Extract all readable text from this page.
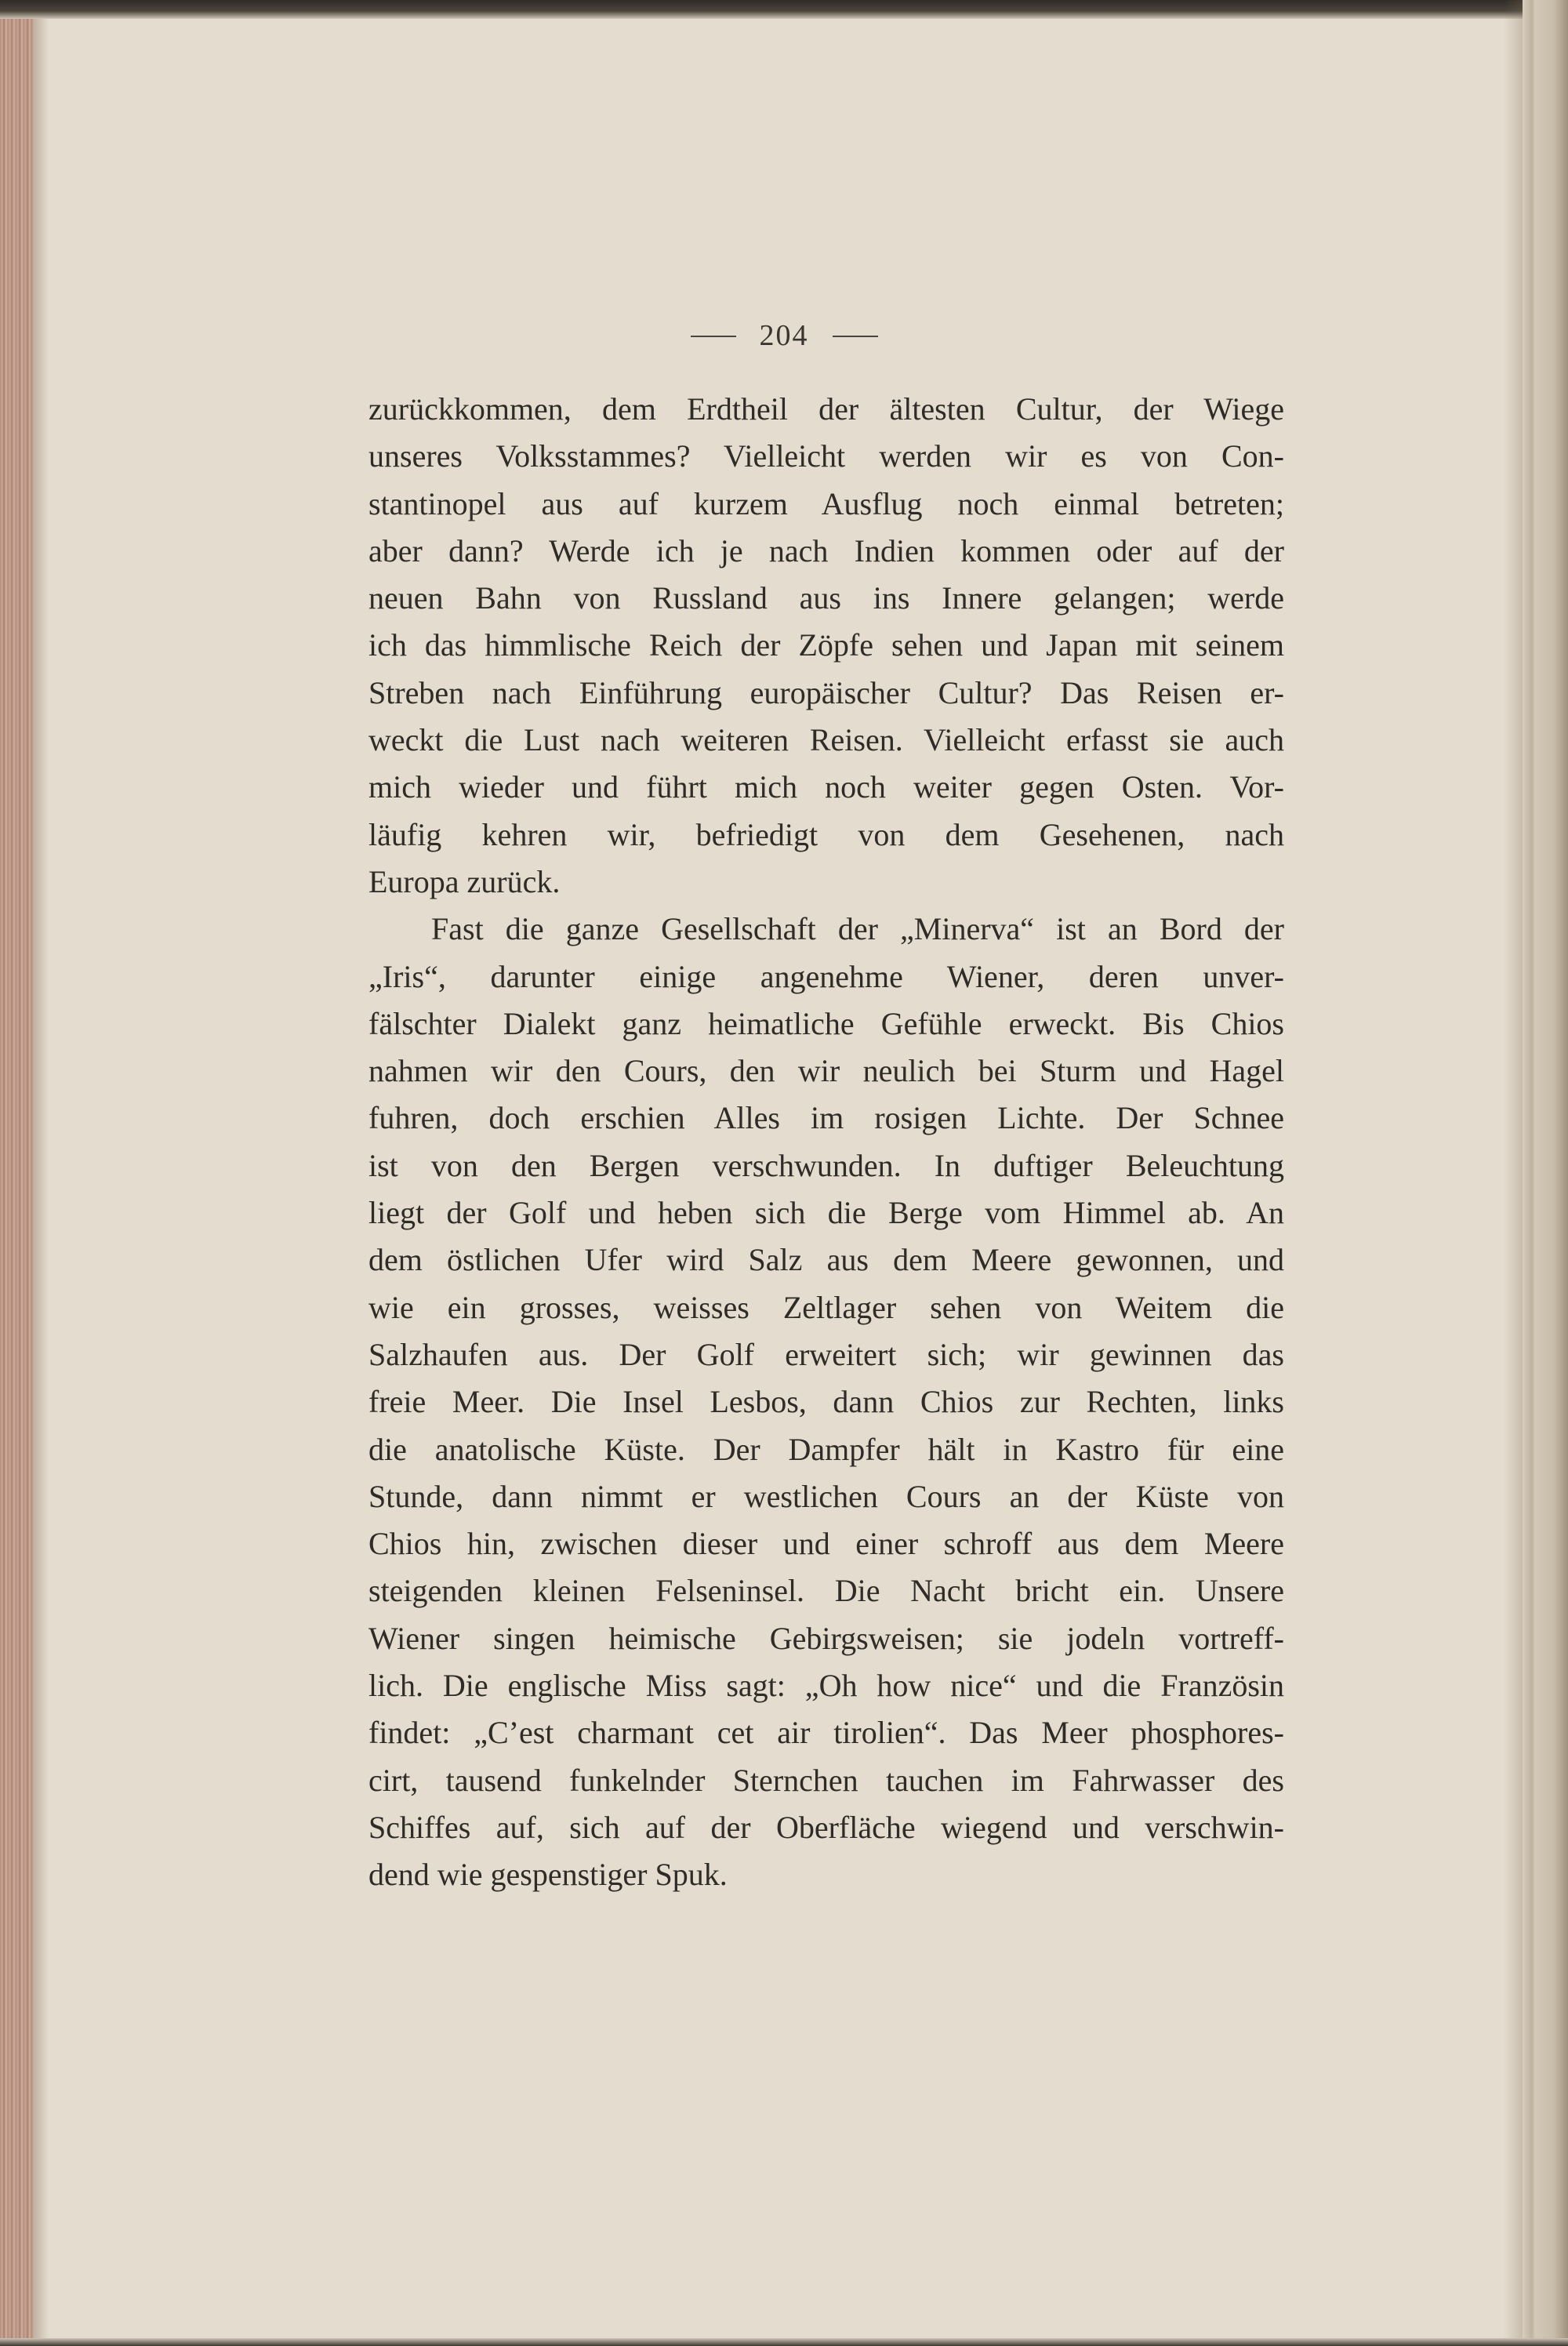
204
zurückkommen, dem Erdtheil der ältesten Cultur, der Wiege
unseres Volksstammes? Vielleicht werden wir es von Con-
stantinopel aus auf kurzem Ausflug noch einmal betreten;
aber dann? Werde ich je nach Indien kommen oder auf der
neuen Bahn von Russland aus ins Innere gelangen; werde
ich das himmlische Reich der Zöpfe sehen und Japan mit seinem
Streben nach Einführung europäischer Cultur? Das Reisen er-
weckt die Lust nach weiteren Reisen. Vielleicht erfasst sie auch
mich wieder und führt mich noch weiter gegen Osten. Vor-
läufig kehren wir, befriedigt von dem Gesehenen, nach
Europa zurück.
Fast die ganze Gesellschaft der „Minerva“ ist an Bord der
„Iris“, darunter einige angenehme Wiener, deren unver-
fälschter Dialekt ganz heimatliche Gefühle erweckt. Bis Chios
nahmen wir den Cours, den wir neulich bei Sturm und Hagel
fuhren, doch erschien Alles im rosigen Lichte. Der Schnee
ist von den Bergen verschwunden. In duftiger Beleuchtung
liegt der Golf und heben sich die Berge vom Himmel ab. An
dem östlichen Ufer wird Salz aus dem Meere gewonnen, und
wie ein grosses, weisses Zeltlager sehen von Weitem die
Salzhaufen aus. Der Golf erweitert sich; wir gewinnen das
freie Meer. Die Insel Lesbos, dann Chios zur Rechten, links
die anatolische Küste. Der Dampfer hält in Kastro für eine
Stunde, dann nimmt er westlichen Cours an der Küste von
Chios hin, zwischen dieser und einer schroff aus dem Meere
steigenden kleinen Felseninsel. Die Nacht bricht ein. Unsere
Wiener singen heimische Gebirgsweisen; sie jodeln vortreff-
lich. Die englische Miss sagt: „Oh how nice“ und die Französin
findet: „C’est charmant cet air tirolien“. Das Meer phosphores-
cirt, tausend funkelnder Sternchen tauchen im Fahrwasser des
Schiffes auf, sich auf der Oberfläche wiegend und verschwin-
dend wie gespenstiger Spuk.
